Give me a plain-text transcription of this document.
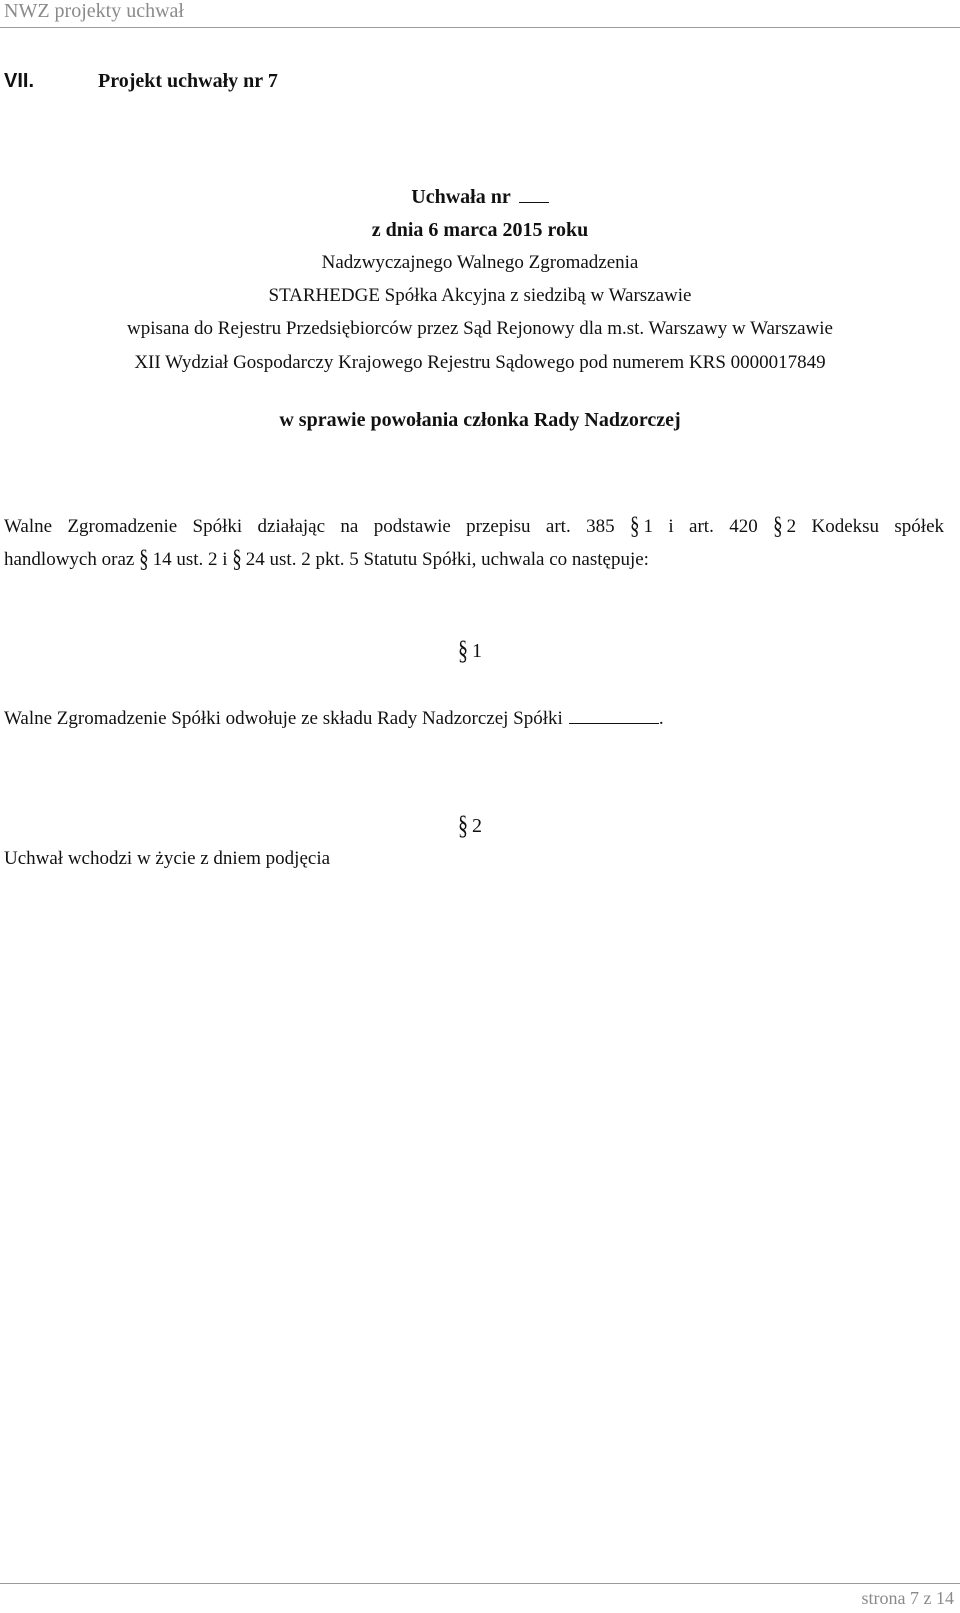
NWZ projekty uchwał
VII.	Projekt uchwały nr 7
Uchwała nr
z dnia 6 marca 2015 roku
Nadzwyczajnego Walnego Zgromadzenia
STARHEDGE Spółka Akcyjna z siedzibą w Warszawie
wpisana do Rejestru Przedsiębiorców przez Sąd Rejonowy dla m.st. Warszawy w Warszawie
XII Wydział Gospodarczy Krajowego Rejestru Sądowego pod numerem KRS 0000017849
w sprawie powołania członka Rady Nadzorczej
Walne Zgromadzenie Spółki działając na podstawie przepisu art. 385 § 1 i art. 420 § 2 Kodeksu spółek
handlowych oraz § 14 ust. 2 i § 24 ust. 2 pkt. 5 Statutu Spółki, uchwala co następuje:
§ 1
Walne Zgromadzenie Spółki odwołuje ze składu Rady Nadzorczej Spółki	.
§ 2
Uchwał wchodzi w życie z dniem podjęcia
strona 7 z 14
